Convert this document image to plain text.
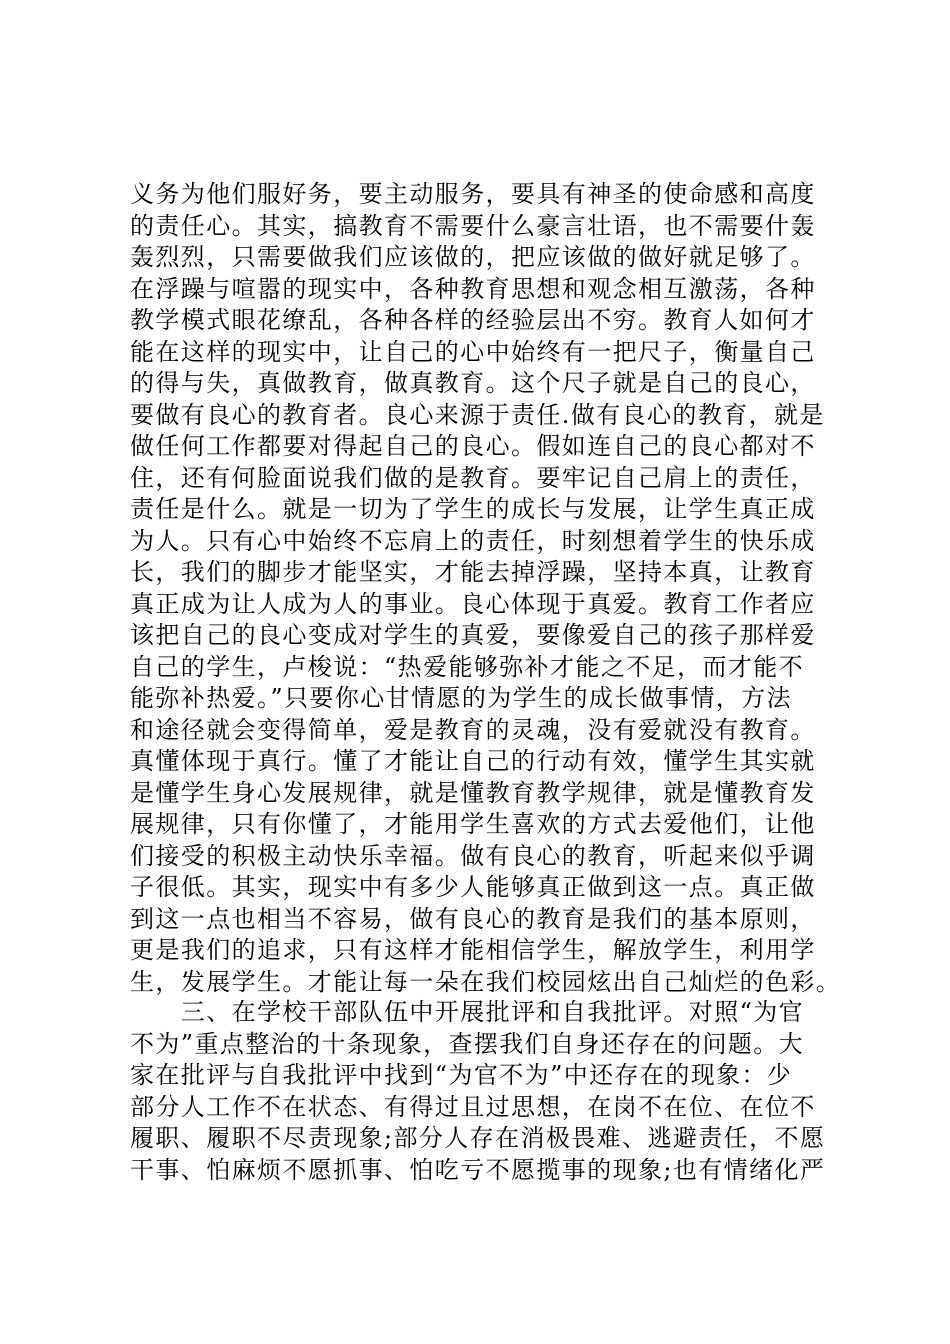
义务为他们服好务，要主动服务，要具有神圣的使命感和高度
的责任心。其实，搞教育不需要什么豪言壮语，也不需要什轰
轰烈烈，只需要做我们应该做的，把应该做的做好就足够了。
在浮躁与喧嚣的现实中，各种教育思想和观念相互激荡，各种
教学模式眼花缭乱，各种各样的经验层出不穷。教育人如何才
能在这样的现实中，让自己的心中始终有一把尺子，衡量自己
的得与失，真做教育，做真教育。这个尺子就是自己的良心，
要做有良心的教育者。良心来源于责任.做有良心的教育，就是
做任何工作都要对得起自己的良心。假如连自己的良心都对不
住，还有何脸面说我们做的是教育。要牢记自己肩上的责任，
责任是什么。就是一切为了学生的成长与发展，让学生真正成
为人。只有心中始终不忘肩上的责任，时刻想着学生的快乐成
长，我们的脚步才能坚实，才能去掉浮躁，坚持本真，让教育
真正成为让人成为人的事业。良心体现于真爱。教育工作者应
该把自己的良心变成对学生的真爱，要像爱自己的孩子那样爱
自己的学生，卢梭说：“热爱能够弥补才能之不足，而才能不
能弥补热爱。”只要你心甘情愿的为学生的成长做事情，方法
和途径就会变得简单，爱是教育的灵魂，没有爱就没有教育。
真懂体现于真行。懂了才能让自己的行动有效，懂学生其实就
是懂学生身心发展规律，就是懂教育教学规律，就是懂教育发
展规律，只有你懂了，才能用学生喜欢的方式去爱他们，让他
们接受的积极主动快乐幸福。做有良心的教育，听起来似乎调
子很低。其实，现实中有多少人能够真正做到这一点。真正做
到这一点也相当不容易，做有良心的教育是我们的基本原则，
更是我们的追求，只有这样才能相信学生，解放学生，利用学
生，发展学生。才能让每一朵在我们校园炫出自己灿烂的色彩。
　　三、在学校干部队伍中开展批评和自我批评。对照“为官
不为”重点整治的十条现象，查摆我们自身还存在的问题。大
家在批评与自我批评中找到“为官不为”中还存在的现象：少
部分人工作不在状态、有得过且过思想，在岗不在位、在位不
履职、履职不尽责现象;部分人存在消极畏难、逃避责任，不愿
干事、怕麻烦不愿抓事、怕吃亏不愿揽事的现象;也有情绪化严
